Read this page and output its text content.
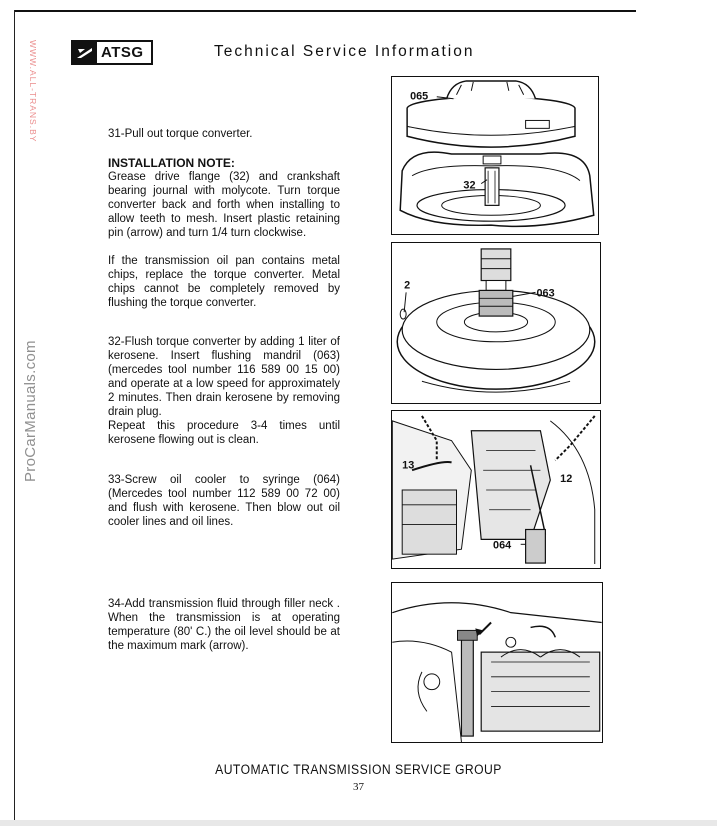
WWW.ALL-TRANS.BY
ProCarManuals.com
ATSG	Technical Service Information

31-Pull out torque converter.

INSTALLATION NOTE:

Grease drive flange (32) and crankshaft bearing journal with molycote. Turn torque converter back and forth when installing to allow teeth to mesh. Insert plastic retaining pin (arrow) and turn 1/4 turn clockwise.

If the transmission oil pan contains metal chips, replace the torque converter. Metal chips cannot be completely removed by flushing the torque converter.

32-Flush torque converter by adding 1 liter of kerosene. Insert flushing mandril (063) (mercedes tool number 116 589 00 15 00) and operate at a low speed for approximately 2 minutes. Then drain kerosene by removing drain plug.

Repeat this procedure 3-4 times until kerosene flowing out is clean.

33-Screw oil cooler to syringe (064) (Mercedes tool number 112 589 00 72 00) and flush with kerosene. Then blow out oil cooler lines and oil lines.

34-Add transmission fluid through filler neck . When the transmission is at operating temperature (80' C.) the oil level should be at the maximum mark (arrow).

065
32
2
063
13
12
064
AUTOMATIC TRANSMISSION SERVICE GROUP
37
